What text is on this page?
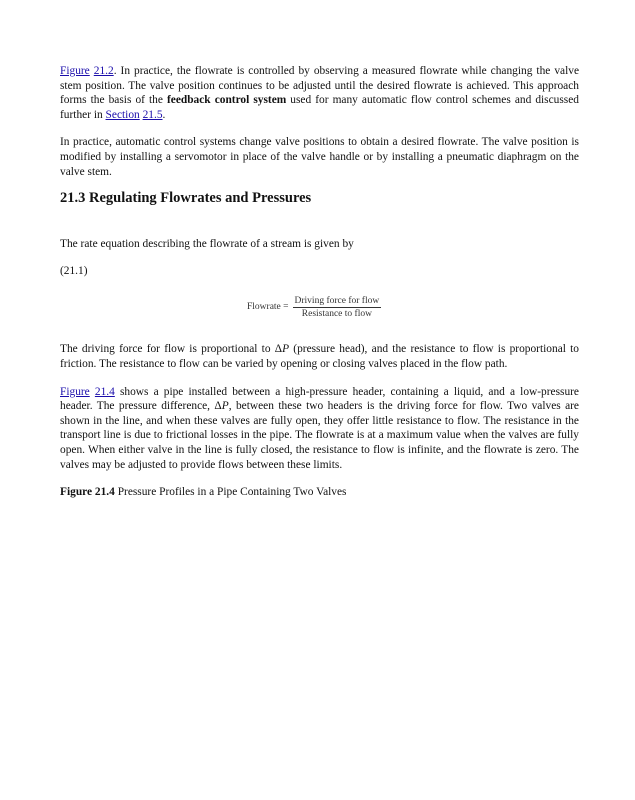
Figure 21.2. In practice, the flowrate is controlled by observing a measured flowrate while changing the valve stem position. The valve position continues to be adjusted until the desired flowrate is achieved. This approach forms the basis of the feedback control system used for many automatic flow control schemes and discussed further in Section 21.5.

In practice, automatic control systems change valve positions to obtain a desired flowrate. The valve position is modified by installing a servomotor in place of the valve handle or by installing a pneumatic diaphragm on the valve stem.

21.3 Regulating Flowrates and Pressures

The rate equation describing the flowrate of a stream is given by

(21.1)
Flowrate = $\frac{\text{Driving force for flow}}{\text{Resistance to flow}}$

The driving force for flow is proportional to ΔP (pressure head), and the resistance to flow is proportional to friction. The resistance to flow can be varied by opening or closing valves placed in the flow path.

Figure 21.4 shows a pipe installed between a high-pressure header, containing a liquid, and a low-pressure header. The pressure difference, ΔP, between these two headers is the driving force for flow. Two valves are shown in the line, and when these valves are fully open, they offer little resistance to flow. The resistance in the transport line is due to frictional losses in the pipe. The flowrate is at a maximum value when the valves are fully open. When either valve in the line is fully closed, the resistance to flow is infinite, and the flowrate is zero. The valves may be adjusted to provide flows between these limits.

Figure 21.4 Pressure Profiles in a Pipe Containing Two Valves
